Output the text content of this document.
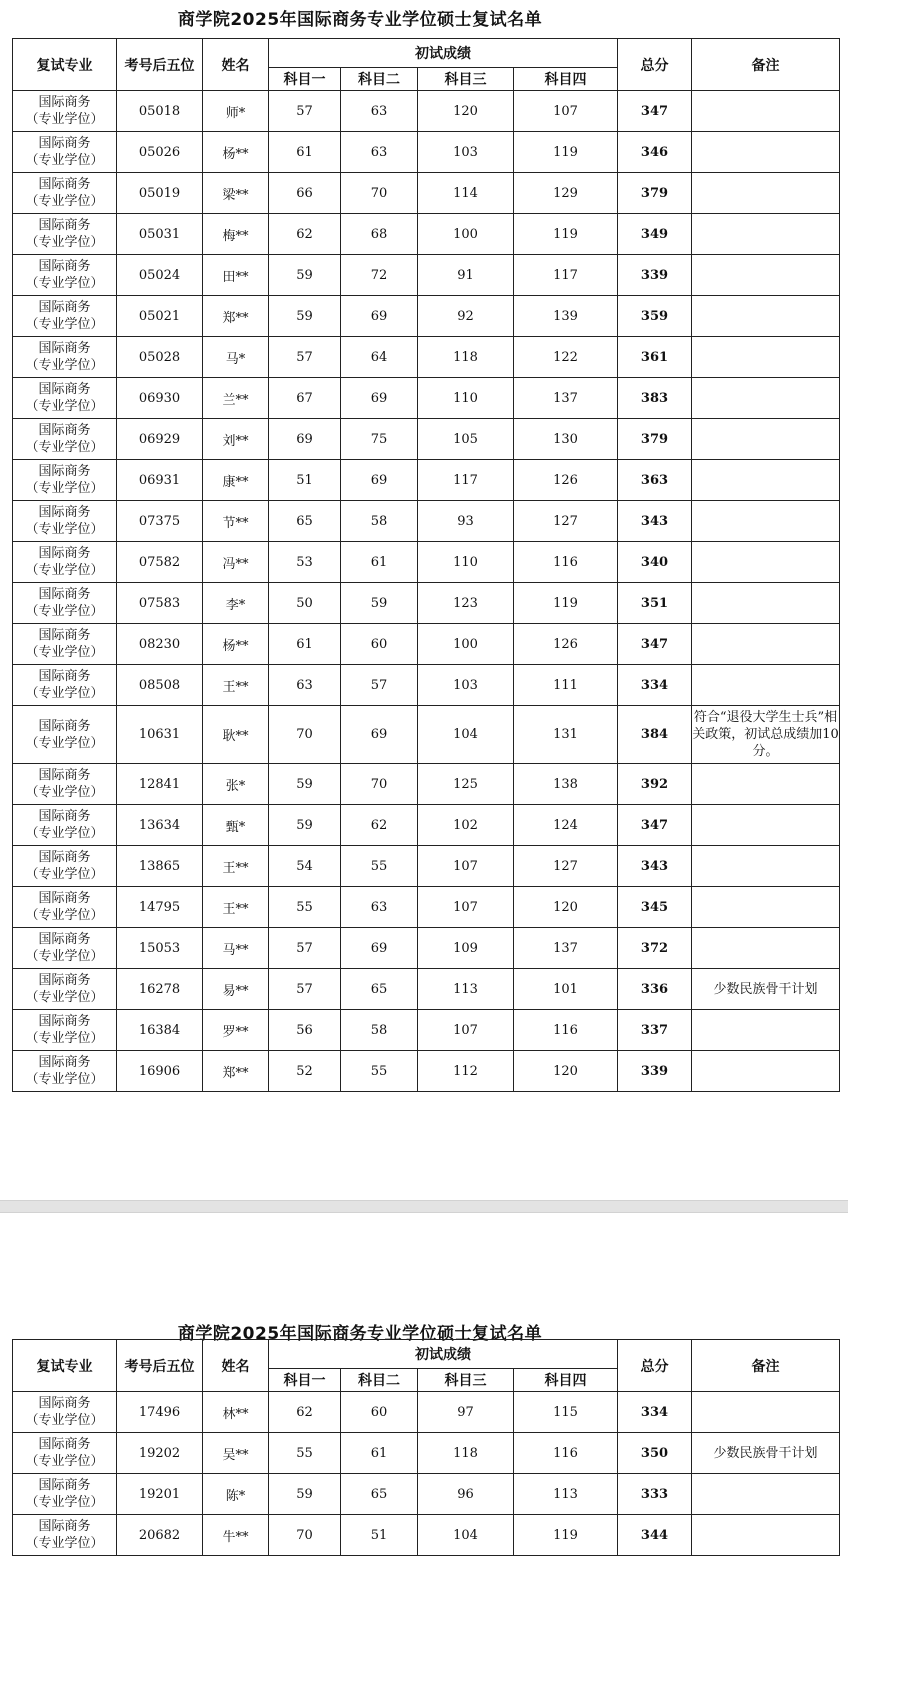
商学院2025年国际商务专业学位硕士复试名单
复试专业	考号后五位	姓名	初试成绩				总分	备注
			科目一	科目二	科目三	科目四		

国际商务
（专业学位）	05018	师*	57	63	120	107	347	

国际商务
（专业学位）	05026	杨**	61	63	103	119	346	

国际商务
（专业学位）	05019	梁**	66	70	114	129	379	

国际商务
（专业学位）	05031	梅**	62	68	100	119	349	

国际商务
（专业学位）	05024	田**	59	72	91	117	339	

国际商务
（专业学位）	05021	郑**	59	69	92	139	359	

国际商务
（专业学位）	05028	马*	57	64	118	122	361	

国际商务
（专业学位）	06930	兰**	67	69	110	137	383	

国际商务
（专业学位）	06929	刘**	69	75	105	130	379	

国际商务
（专业学位）	06931	康**	51	69	117	126	363	

国际商务
（专业学位）	07375	节**	65	58	93	127	343	

国际商务
（专业学位）	07582	冯**	53	61	110	116	340	

国际商务
（专业学位）	07583	李*	50	59	123	119	351	

国际商务
（专业学位）	08230	杨**	61	60	100	126	347	

国际商务
（专业学位）	08508	王**	63	57	103	111	334	

国际商务
（专业学位）	10631	耿**	70	69	104	131	384	符合“退役大学生士兵”相关政策，初试总成绩加10分。

国际商务
（专业学位）	12841	张*	59	70	125	138	392	

国际商务
（专业学位）	13634	甄*	59	62	102	124	347	

国际商务
（专业学位）	13865	王**	54	55	107	127	343	

国际商务
（专业学位）	14795	王**	55	63	107	120	345	

国际商务
（专业学位）	15053	马**	57	69	109	137	372	

国际商务
（专业学位）	16278	易**	57	65	113	101	336	少数民族骨干计划

国际商务
（专业学位）	16384	罗**	56	58	107	116	337	

国际商务
（专业学位）	16906	郑**	52	55	112	120	339	
商学院2025年国际商务专业学位硕士复试名单
复试专业	考号后五位	姓名	初试成绩				总分	备注
			科目一	科目二	科目三	科目四		

国际商务
（专业学位）	17496	林**	62	60	97	115	334	

国际商务
（专业学位）	19202	吴**	55	61	118	116	350	少数民族骨干计划

国际商务
（专业学位）	19201	陈*	59	65	96	113	333	

国际商务
（专业学位）	20682	牛**	70	51	104	119	344	
